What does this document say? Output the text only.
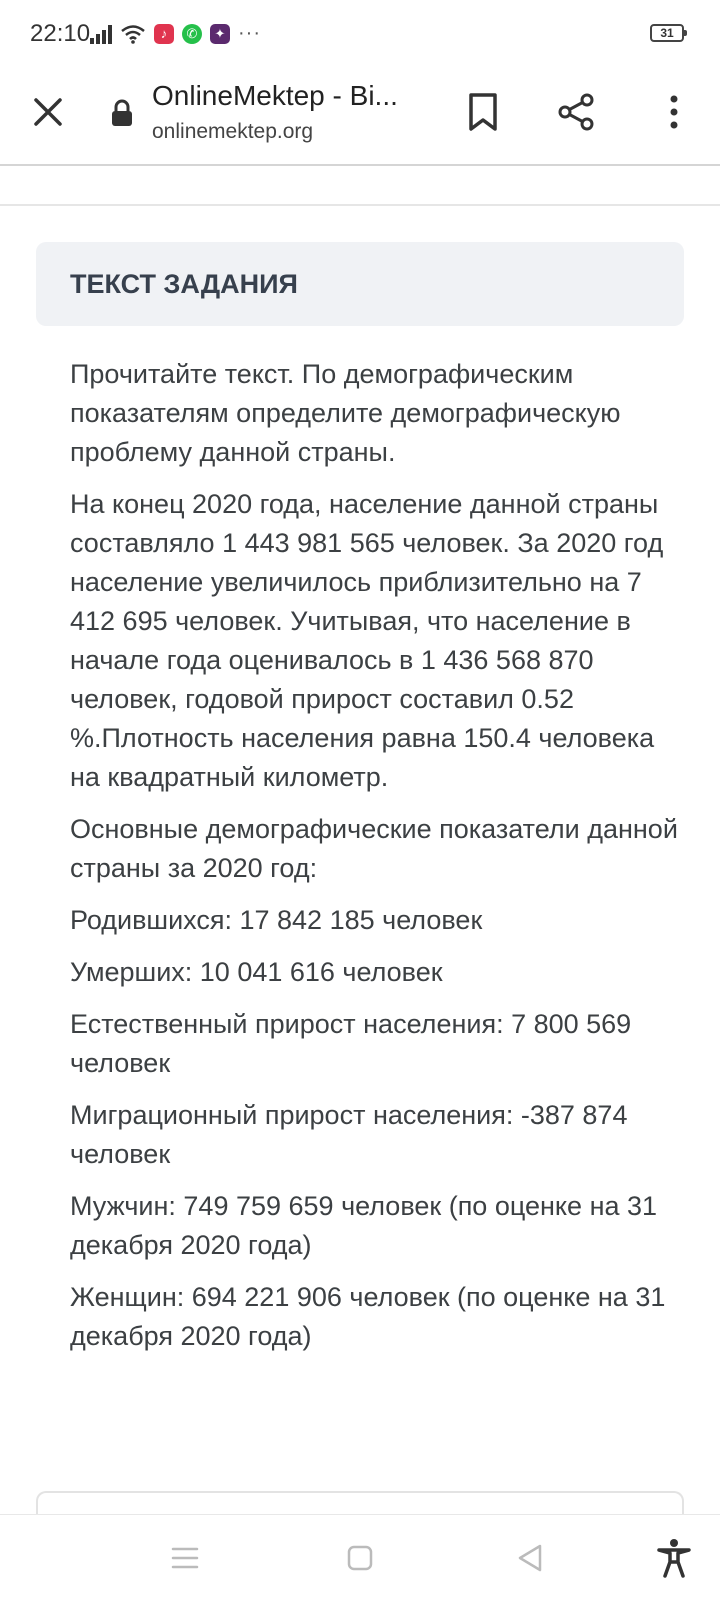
22:10	♪	✆	✦ ···	31
OnlineMektep - Bi...
onlinemektep.org
ТЕКСТ ЗАДАНИЯ

Прочитайте текст. По демографическим показателям определите демографическую проблему данной страны.

На конец 2020 года, население данной страны составляло 1 443 981 565 человек. За 2020 год население увеличилось приблизительно на 7 412 695 человек. Учитывая, что население в начале года оценивалось в 1 436 568 870 человек, годовой прирост составил 0.52 %.Плотность населения равна 150.4 человека на квадратный километр.

Основные демографические показатели данной страны за 2020 год:

Родившихся: 17 842 185 человек

Умерших: 10 041 616 человек

Естественный прирост населения: 7 800 569 человек

Миграционный прирост населения: -387 874 человек

Мужчин: 749 759 659 человек (по оценке на 31 декабря 2020 года)

Женщин: 694 221 906 человек (по оценке на 31 декабря 2020 года)
